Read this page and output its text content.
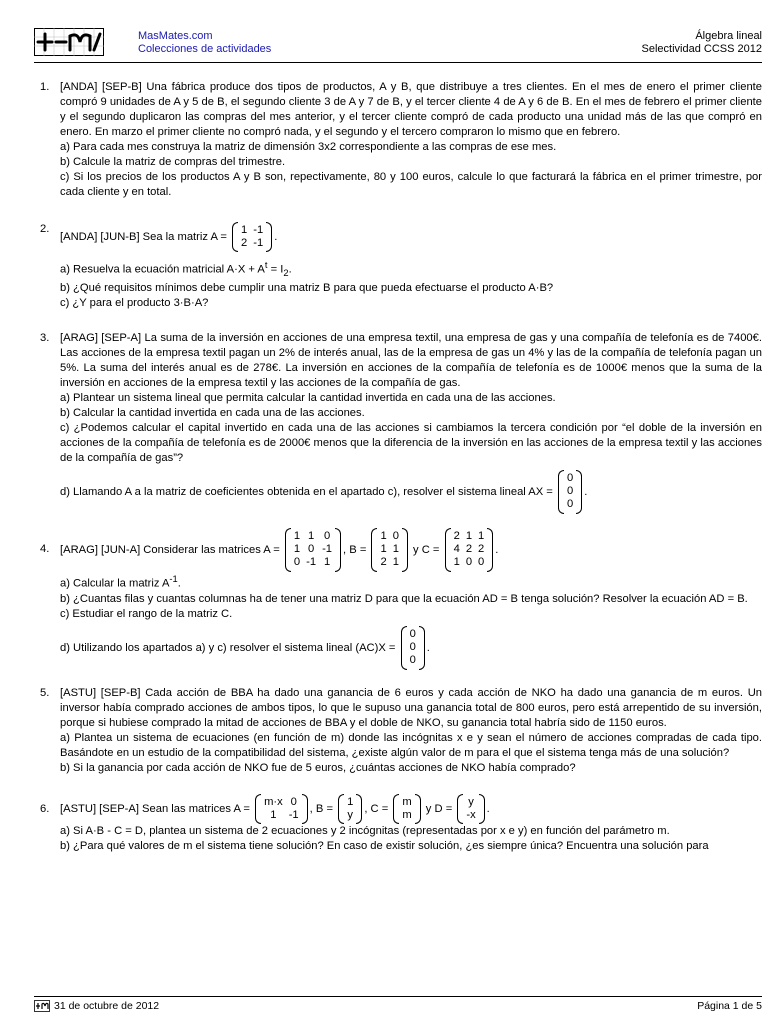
MasMates.com
Colecciones de actividades
Álgebra lineal
Selectividad CCSS 2012
1. [ANDA] [SEP-B] Una fábrica produce dos tipos de productos, A y B, que distribuye a tres clientes. En el mes de enero el primer cliente compró 9 unidades de A y 5 de B, el segundo cliente 3 de A y 7 de B, y el tercer cliente 4 de A y 6 de B. En el mes de febrero el primer cliente y el segundo duplicaron las compras del mes anterior, y el tercer cliente compró de cada producto una unidad más de las que compró en enero. En marzo el primer cliente no compró nada, y el segundo y el tercero compraron lo mismo que en febrero.
a) Para cada mes construya la matriz de dimensión 3x2 correspondiente a las compras de ese mes.
b) Calcule la matriz de compras del trimestre.
c) Si los precios de los productos A y B son, repectivamente, 80 y 100 euros, calcule lo que facturará la fábrica en el primer trimestre, por cada cliente y en total.

2.
[ANDA] [JUN-B] Sea la matriz A =
1 -1
2 -1
.
a) Resuelva la ecuación matricial $A\cdot X + A^t = I_2$.
b) ¿Qué requisitos mínimos debe cumplir una matriz B para que pueda efectuarse el producto A·B?
c) ¿Y para el producto 3·B·A?
3. [ARAG] [SEP-A] La suma de la inversión en acciones de una empresa textil, una empresa de gas y una compañía de telefonía es de 7400€. Las acciones de la empresa textil pagan un 2% de interés anual, las de la empresa de gas un 4% y las de la compañía de telefonía pagan un 5%. La suma del interés anual es de 278€. La inversión en acciones de la compañía de telefonía es de 1000€ menos que la suma de la inversión en acciones de la empresa textil y las acciones de la compañía de gas.
a) Plantear un sistema lineal que permita calcular la cantidad invertida en cada una de las acciones.
b) Calcular la cantidad invertida en cada una de las acciones.
c) ¿Podemos calcular el capital invertido en cada una de las acciones si cambiamos la tercera condición por “el doble de la inversión en acciones de la compañía de telefonía es de 2000€ menos que la diferencia de la inversión en las acciones de la empresa textil y las acciones de la compañía de gas”?
d) Llamando A a la matriz de coeficientes obtenida en el apartado c), resolver el sistema lineal AX =
0
0
0
.
4. [ARAG] [JUN-A] Considerar las matrices A =
1 1 0
1 0 -1
0 -1 1
, B =
1 0
1 1
2 1
y C =
2 1 1
4 2 2
1 0 0
.
a) Calcular la matriz $A^{-1}$.
b) ¿Cuantas filas y cuantas columnas ha de tener una matriz D para que la ecuación AD = B tenga solución? Resolver la ecuación AD = B.
c) Estudiar el rango de la matriz C.
d) Utilizando los apartados a) y c) resolver el sistema lineal (AC)X =
0
0
0
.
5. [ASTU] [SEP-B] Cada acción de BBA ha dado una ganancia de 6 euros y cada acción de NKO ha dado una ganancia de m euros. Un inversor había comprado acciones de ambos tipos, lo que le supuso una ganancia total de 800 euros, pero está arrepentido de su inversión, porque si hubiese comprado la mitad de acciones de BBA y el doble de NKO, su ganancia total habría sido de 1150 euros.
a) Plantea un sistema de ecuaciones (en función de m) donde las incógnitas x e y sean el número de acciones compradas de cada tipo. Basándote en un estudio de la compatibilidad del sistema, ¿existe algún valor de m para el que el sistema tenga más de una solución?
b) Si la ganancia por cada acción de NKO fue de 5 euros, ¿cuántas acciones de NKO había comprado?

6. [ASTU] [SEP-A] Sean las matrices A =
m·x 0
1	-1
, B =
1
y
, C =
m
m
y D =
y
-x
.
a) Si A·B - C = D, plantea un sistema de 2 ecuaciones y 2 incógnitas (representadas por x e y) en función del parámetro m.
b) ¿Para qué valores de m el sistema tiene solución? En caso de existir solución, ¿es siempre única? Encuentra una solución para
31 de octubre de 2012	Página 1 de 5
